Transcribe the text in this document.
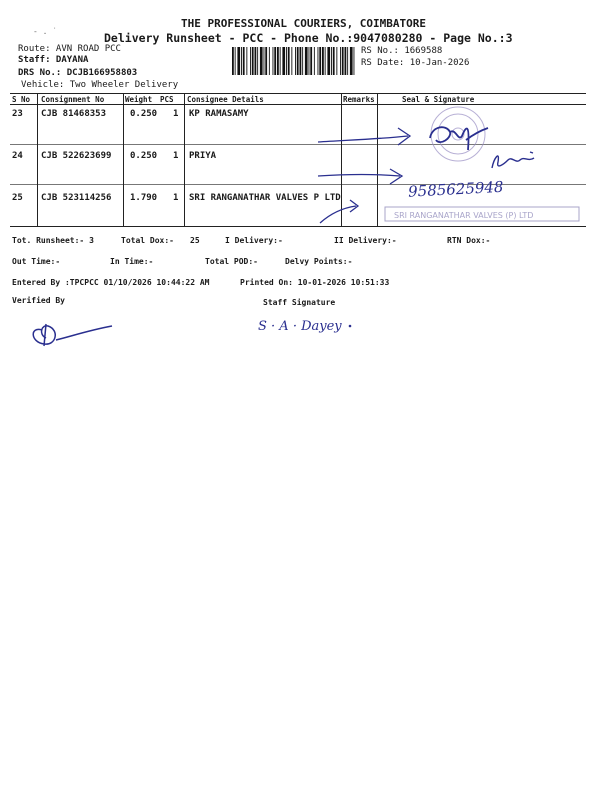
THE PROFESSIONAL COURIERS, COIMBATORE
Delivery Runsheet - PCC - Phone No.:9047080280 - Page No.:3
- . ˙
Route: AVN ROAD PCC
Staff: DAYANA
DRS No.: DCJB166958803
Vehicle: Two Wheeler Delivery
RS No.: 1669588
RS Date: 10-Jan-2026
S No Consignment No	Weight PCS Consignee Details	Remarks	Seal & Signature
23 CJB 81468353	0.250 1 KP RAMASAMY
24 CJB 522623699 0.250 1 PRIYA
25 CJB 523114256 1.790 1 SRI RANGANATHAR VALVES P LTD	9585625948
SRI RANGANATHAR VALVES (P) LTD
S · A · Dayey
Tot. Runsheet:- 3	Total Dox:- 25	I Delivery:-	II Delivery:-	RTN Dox:-
Out Time:-	In Time:-	Total POD:-	Delvy Points:-
Entered By :TPCPCC 01/10/2026 10:44:22 AM	Printed On: 10-01-2026 10:51:33
Verified By	Staff Signature
